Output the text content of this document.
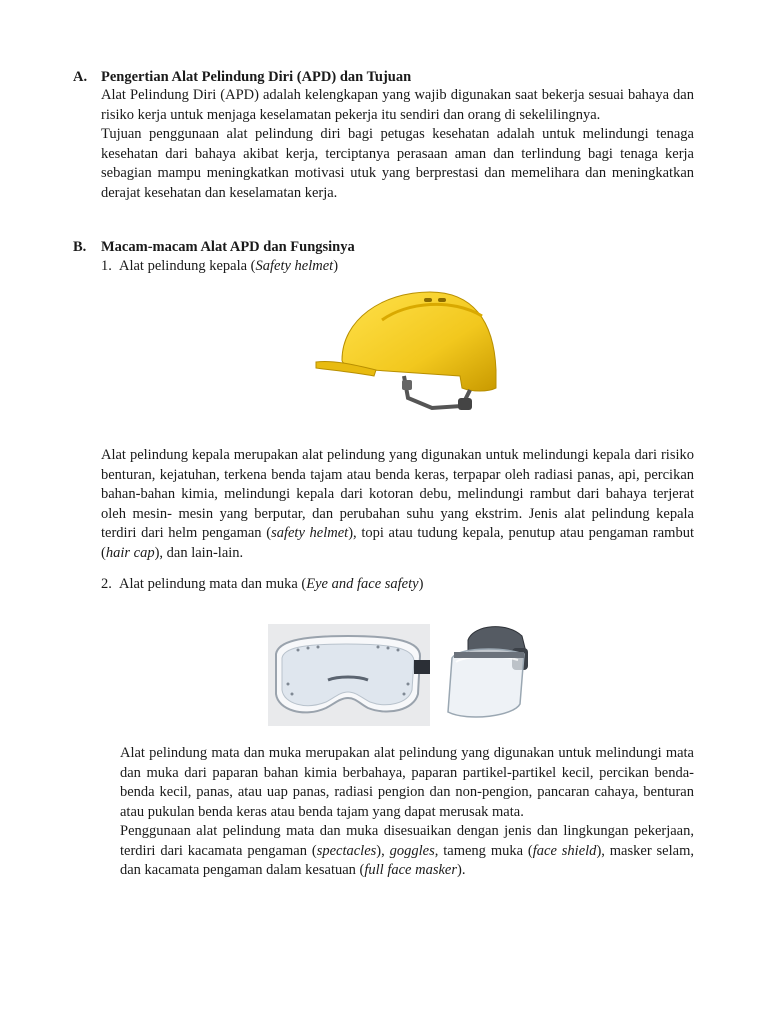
A. Pengertian Alat Pelindung Diri (APD) dan Tujuan

Alat Pelindung Diri (APD) adalah kelengkapan yang wajib digunakan saat bekerja sesuai bahaya dan risiko kerja untuk menjaga keselamatan pekerja itu sendiri dan orang di sekelilingnya.

Tujuan penggunaan alat pelindung diri bagi petugas kesehatan adalah untuk melindungi tenaga kesehatan dari bahaya akibat kerja, terciptanya perasaan aman dan terlindung bagi tenaga kerja sebagian mampu meningkatkan motivasi utuk yang berprestasi dan memelihara dan meningkatkan derajat kesehatan dan keselamatan kerja.

B. Macam-macam Alat APD dan Fungsinya
1. Alat pelindung kepala (Safety helmet)

Alat pelindung kepala merupakan alat pelindung yang digunakan untuk melindungi kepala dari risiko benturan, kejatuhan, terkena benda tajam atau benda keras, terpapar oleh radiasi panas, api, percikan bahan-bahan kimia, melindungi kepala dari kotoran debu, melindungi rambut dari bahaya terjerat oleh mesin- mesin yang berputar, dan perubahan suhu yang ekstrim. Jenis alat pelindung kepala terdiri dari helm pengaman (safety helmet), topi atau tudung kepala, penutup atau pengaman rambut (hair cap), dan lain-lain.

2. Alat pelindung mata dan muka (Eye and face safety)

Alat pelindung mata dan muka merupakan alat pelindung yang digunakan untuk melindungi mata dan muka dari paparan bahan kimia berbahaya, paparan partikel-partikel kecil, percikan benda-benda kecil, panas, atau uap panas, radiasi pengion dan non-pengion, pancaran cahaya, benturan atau pukulan benda keras atau benda tajam yang dapat merusak mata.

Penggunaan alat pelindung mata dan muka disesuaikan dengan jenis dan lingkungan pekerjaan, terdiri dari kacamata pengaman (spectacles), goggles, tameng muka (face shield), masker selam, dan kacamata pengaman dalam kesatuan (full face masker).
